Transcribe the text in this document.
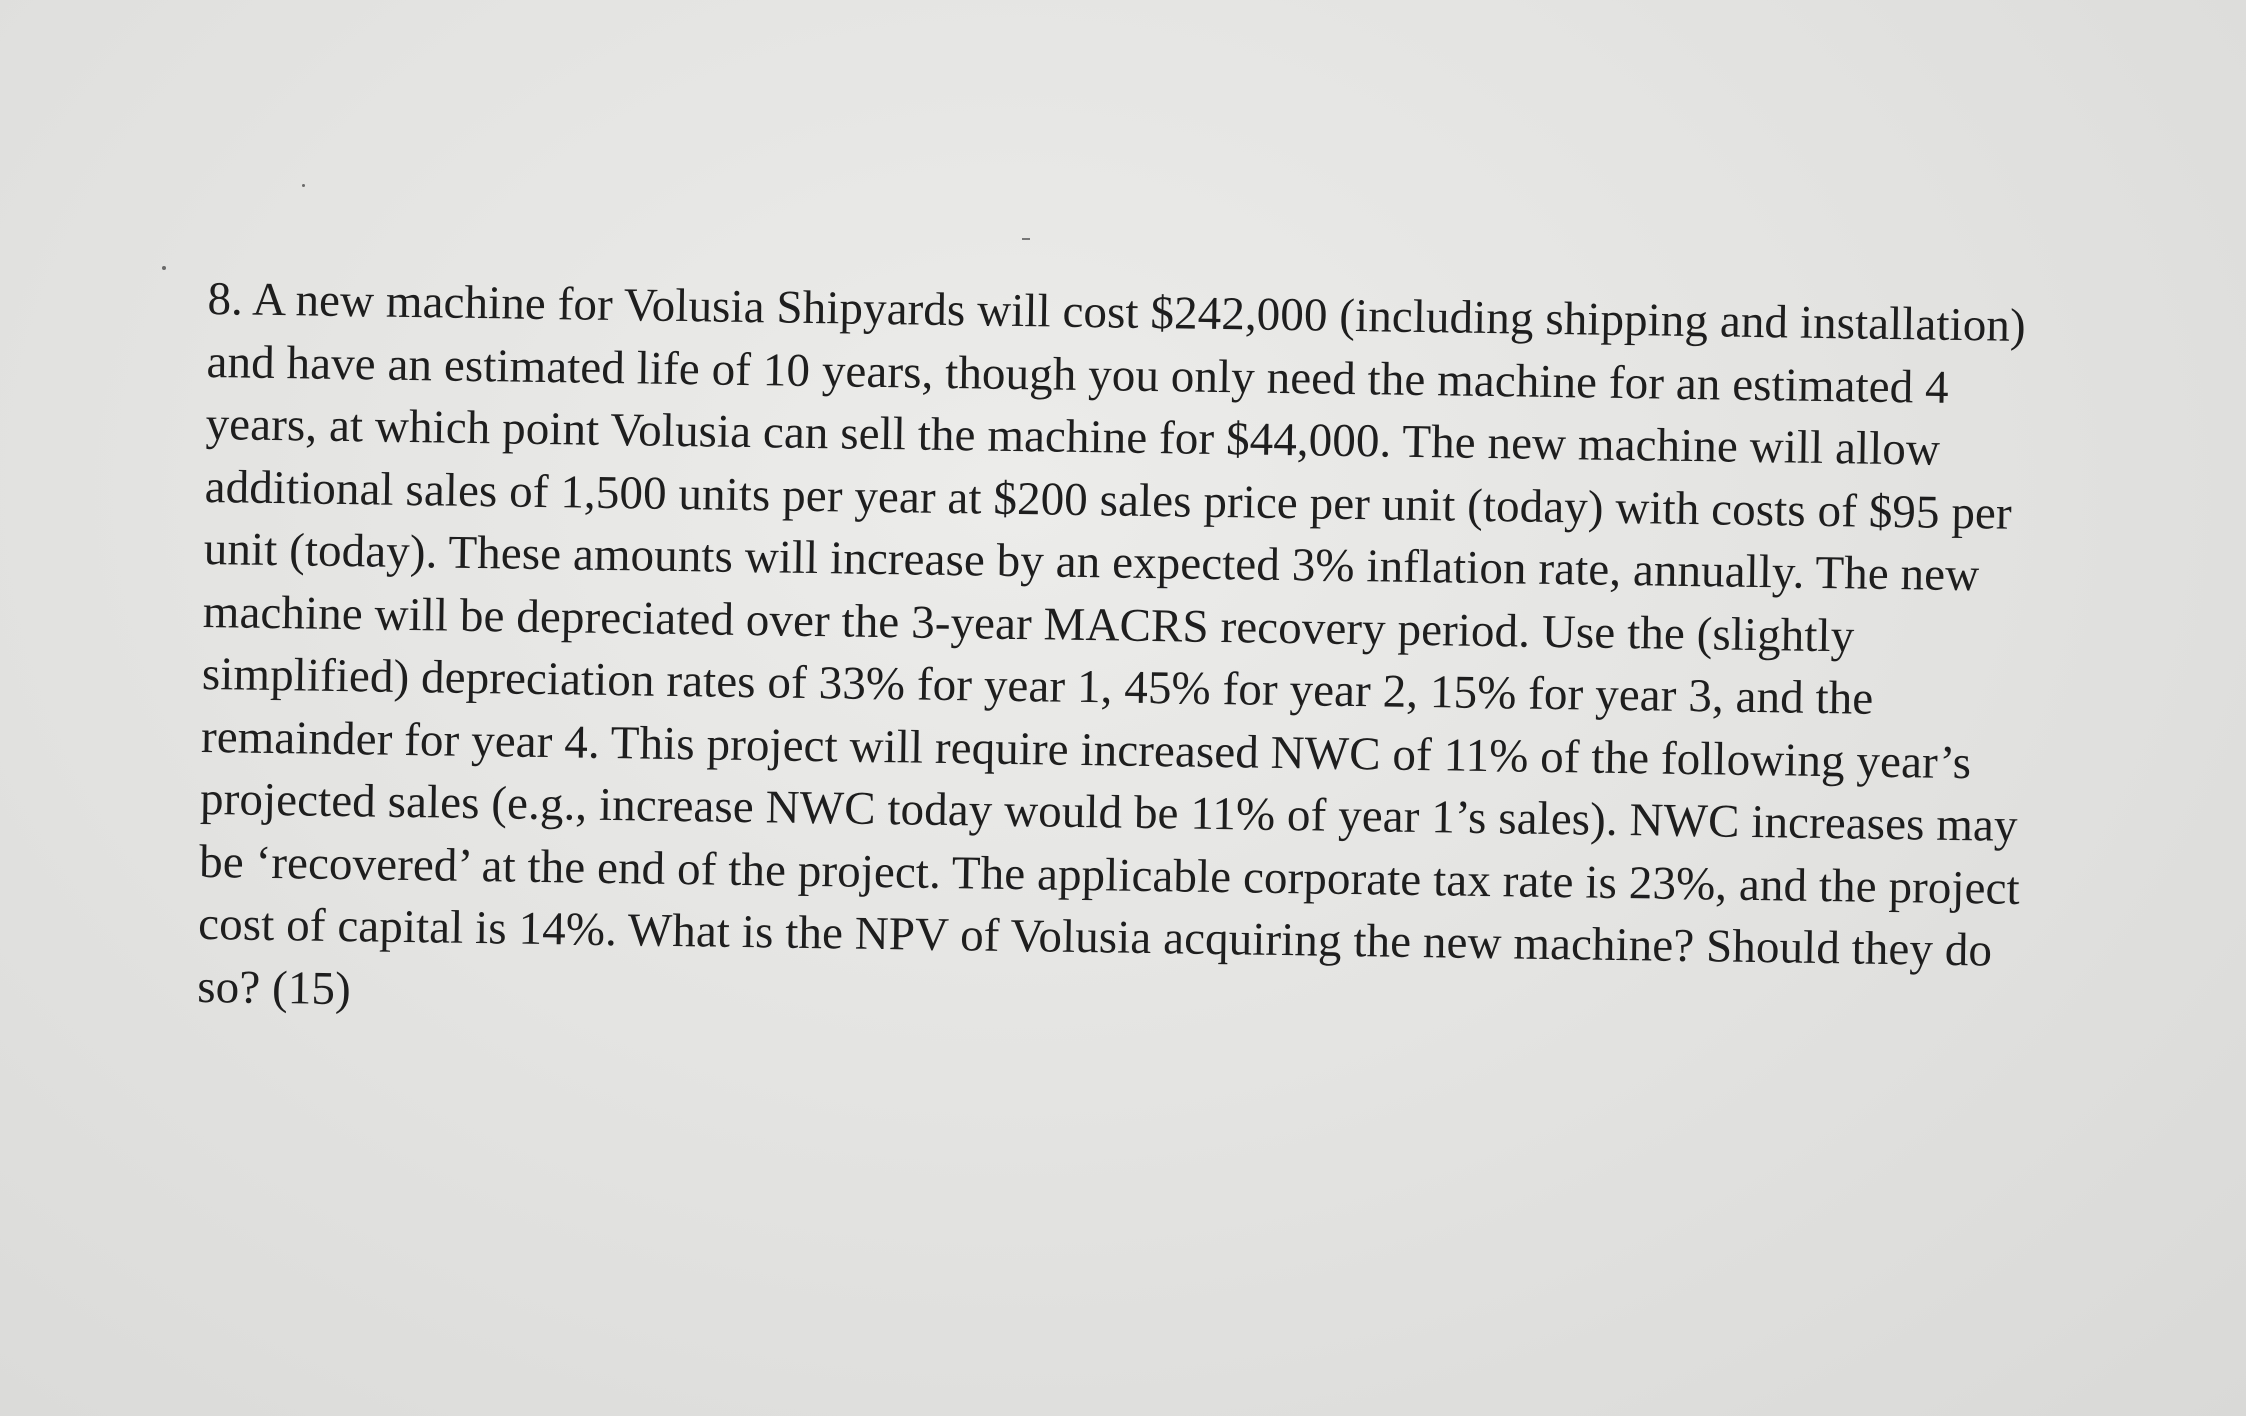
8. A new machine for Volusia Shipyards will cost $242,000 (including shipping and installation)
and have an estimated life of 10 years, though you only need the machine for an estimated 4
years, at which point Volusia can sell the machine for $44,000. The new machine will allow
additional sales of 1,500 units per year at $200 sales price per unit (today) with costs of $95 per
unit (today). These amounts will increase by an expected 3% inflation rate, annually. The new
machine will be depreciated over the 3-year MACRS recovery period. Use the (slightly
simplified) depreciation rates of 33% for year 1, 45% for year 2, 15% for year 3, and the
remainder for year 4. This project will require increased NWC of 11% of the following year’s
projected sales (e.g., increase NWC today would be 11% of year 1’s sales). NWC increases may
be ‘recovered’ at the end of the project. The applicable corporate tax rate is 23%, and the project
cost of capital is 14%. What is the NPV of Volusia acquiring the new machine? Should they do
so? (15)
